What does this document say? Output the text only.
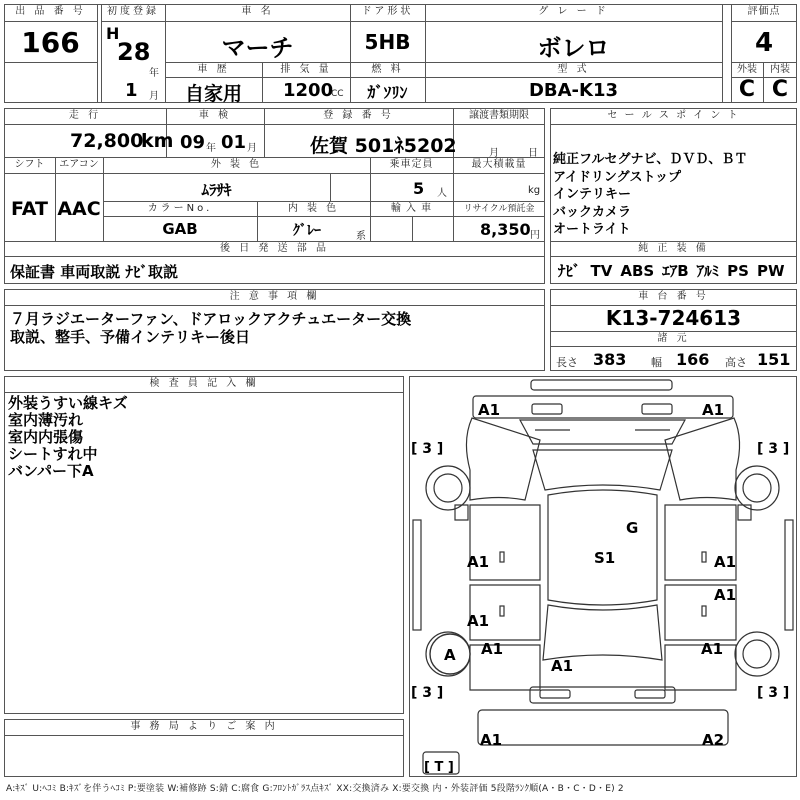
出 品 番 号
166
初度登録
H
28
年
1 月
車 名
マーチ
車 歴
自家用
排 気 量
1200
CC
ドア形状
5HB
燃 料
ｶﾞｿﾘﾝ
グ レ ー ド
ボレロ
型 式
DBA-K13
評価点
4
外装
C
内装
C
走 行
72,800
km
車 検
09 年 01 月
登 録 番 号
佐賀 501ﾈ5202
譲渡書類期限
月	日
シフト
FAT
エアコン
AAC
外 装 色
ﾑﾗｻｷ
乗車定員
5 人
最大積載量
kg
カラーNo.
GAB
内 装 色
ｸﾞﾚｰ	系
輸 入 車	リサイクル預託金
8,350 円
後 日 発 送 部 品
保証書 車両取説 ﾅﾋﾞ取説
セ ー ル ス ポ イ ン ト
純正フルセグナビ、ＤＶＤ、ＢＴ
アイドリングストップ
インテリキー
バックカメラ
オートライト
純 正 装 備
ﾅﾋﾞ TV ABS ｴｱB ｱﾙﾐ PS PW
注 意 事 項 欄
７月ラジエーターファン、ドアロックアクチュエーター交換
取説、整手、予備インテリキー後日
車 台 番 号
K13-724613
諸 元
長さ 383 幅 166 高さ 151
検 査 員 記 入 欄
外装うすい線キズ
室内薄汚れ
室内内張傷
シートすれ中
バンパー下A
事 務 局 よ り ご 案 内
A1	A1
[ 3 ]	[ 3 ]
G
S1
A1	A1
A1
A1
A1	A1
A
A1
[ 3 ]	[ 3 ]
A1	A2
[ T ]
A:ｷｽﾞ U:ﾍｺﾐ B:ｷｽﾞを伴うﾍｺﾐ P:要塗装 W:補修跡 S:錆 C:腐食 G:ﾌﾛﾝﾄｶﾞﾗｽ点ｷｽﾞ XX:交換済み X:要交換 内・外装評価 5段階ﾗﾝｸ順(A・B・C・D・E) 2
